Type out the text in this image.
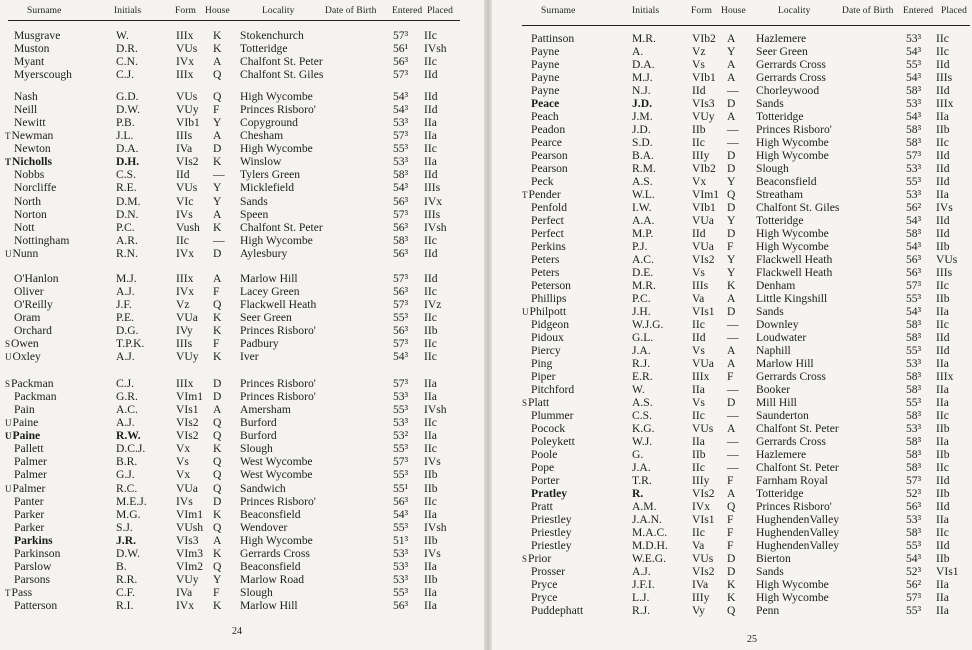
Surname	Initials	Form House	Locality	Date of Birth Entered Placed
Musgrave	W.	IIIx K Stokenchurch	57³ IIc
Muston	D.R.	VUs K Totteridge	56¹ IVsh
Myant	C.N.	IVx A Chalfont St. Peter	56³ IIc
Myerscough	C.J.	IIIx Q Chalfont St. Giles	57³ IId
Nash	G.D.	VUs Q High Wycombe	54³ IId
Neill	D.W.	VUy F Princes Risboro'	54³ IId
Newitt	P.B.	VIb1 Y Copyground	53³ IIa
TNewman	J.L.	IIIs A Chesham	57³ IIa
Newton	D.A.	IVa D High Wycombe	55³ IIc
TNicholls	D.H.	VIs2 K Winslow	53³ IIa
Nobbs	C.S.	IId — Tylers Green	58³ IId
Norcliffe	R.E.	VUs Y Micklefield	54³ IIIs
North	D.M.	VIc Y Sands	56³ IVx
Norton	D.N.	IVs A Speen	57³ IIIs
Nott	P.C.	Vush K Chalfont St. Peter	56³ IVsh
Nottingham	A.R.	IIc — High Wycombe	58³ IIc
UNunn	R.N.	IVx D Aylesbury	56³ IId
O'Hanlon	M.J.	IIIx A Marlow Hill	57³ IId
Oliver	A.J.	IVx F Lacey Green	56³ IIc
O'Reilly	J.F.	Vz Q Flackwell Heath	57³ IVz
Oram	P.E.	VUa K Seer Green	55³ IIc
Orchard	D.G.	IVy K Princes Risboro'	56³ IIb
SOwen	T.P.K.	IIIs F Padbury	57³ IIc
UOxley	A.J.	VUy K Iver	54³ IIc
SPackman	C.J.	IIIx D Princes Risboro'	57³ IIa
Packman	G.R.	VIm1 D Princes Risboro'	53³ IIa
Pain	A.C.	VIs1 A Amersham	55³ IVsh
UPaine	A.J.	VIs2 Q Burford	53³ IIc
UPaine	R.W.	VIs2 Q Burford	53² IIa
Pallett	D.C.J.	Vx K Slough	55³ IIc
Palmer	B.R.	Vs Q West Wycombe	57³ IVs
Palmer	G.J.	Vx Q West Wycombe	55³ IIb
UPalmer	R.C.	VUa Q Sandwich	55¹ IIb
Panter	M.E.J.	IVs D Princes Risboro'	56³ IIc
Parker	M.G.	VIm1 K Beaconsfield	54³ IIa
Parker	S.J.	VUsh Q Wendover	55³ IVsh
Parkins	J.R.	VIs3 A High Wycombe	51³ IIb
Parkinson	D.W.	VIm3 K Gerrards Cross	53³ IVs
Parslow	B.	VIm2 Q Beaconsfield	53³ IIa
Parsons	R.R.	VUy Y Marlow Road	53³ IIb
TPass	C.F.	IVa F Slough	55³ IIa
Patterson	R.I.	IVx K Marlow Hill	56³ IIa
24
Surname	Initials	Form House	Locality	Date of Birth Entered Placed
Pattinson	M.R.	VIb2 A Hazlemere	53³ IIc
Payne	A.	Vz Y Seer Green	54³ IIc
Payne	D.A.	Vs A Gerrards Cross	55³ IId
Payne	M.J.	VIb1 A Gerrards Cross	54³ IIIs
Payne	N.J.	IId — Chorleywood	58³ IId
Peace	J.D.	VIs3 D Sands	53³ IIIx
Peach	J.M.	VUy A Totteridge	54³ IIa
Peadon	J.D.	IIb — Princes Risboro'	58³ IIb
Pearce	S.D.	IIc — High Wycombe	58³ IIc
Pearson	B.A.	IIIy D High Wycombe	57³ IId
Pearson	R.M.	VIb2 D Slough	53³ IId
Peck	A.S.	Vx Y Beaconsfield	55³ IId
TPender	W.L.	VIm1 Q Streatham	53³ IIa
Penfold	I.W.	VIb1 D Chalfont St. Giles	56² IVs
Perfect	A.A.	VUa Y Totteridge	54³ IId
Perfect	M.P.	IId D High Wycombe	58³ IId
Perkins	P.J.	VUa F High Wycombe	54³ IIb
Peters	A.C.	VIs2 Y Flackwell Heath	56³ VUs
Peters	D.E.	Vs Y Flackwell Heath	56³ IIIs
Peterson	M.R.	IIIs K Denham	57³ IIc
Phillips	P.C.	Va A Little Kingshill	55³ IIb
UPhilpott	J.H.	VIs1 D Sands	54³ IIa
Pidgeon	W.J.G. IIc — Downley	58³ IIc
Pidoux	G.L.	IId — Loudwater	58³ IId
Piercy	J.A.	Vs A Naphill	55³ IId
Ping	R.J.	VUa A Marlow Hill	53³ IIa
Piper	E.R.	IIIx F Gerrards Cross	58³ IIIx
Pitchford	W.	IIa — Booker	58³ IIa
SPlatt	A.S.	Vs D Mill Hill	55³ IIa
Plummer	C.S.	IIc — Saunderton	58³ IIc
Pocock	K.G.	VUs A Chalfont St. Peter	53³ IIb
Poleykett	W.J.	IIa — Gerrards Cross	58³ IIa
Poole	G.	IIb — Hazlemere	58³ IIb
Pope	J.A.	IIc — Chalfont St. Peter	58³ IIc
Porter	T.R.	IIIy F Farnham Royal	57³ IId
Pratley	R.	VIs2 A Totteridge	52³ IIb
Pratt	A.M.	IVx Q Princes Risboro'	56³ IId
Priestley	J.A.N.	VIs1 F HughendenValley	53³ IIa
Priestley	M.A.C. IIc F HughendenValley	58³ IIc
Priestley	M.D.H. Va F HughendenValley	55³ IId
SPrior	W.E.G. VUs D Bierton	54³ IIb
Prosser	A.J.	VIs2 D Sands	52³ VIs1
Pryce	J.F.I.	IVa K High Wycombe	56² IIa
Pryce	L.J.	IIIy K High Wycombe	57³ IIa
Puddephatt	R.J.	Vy Q Penn	55³ IIa
25
